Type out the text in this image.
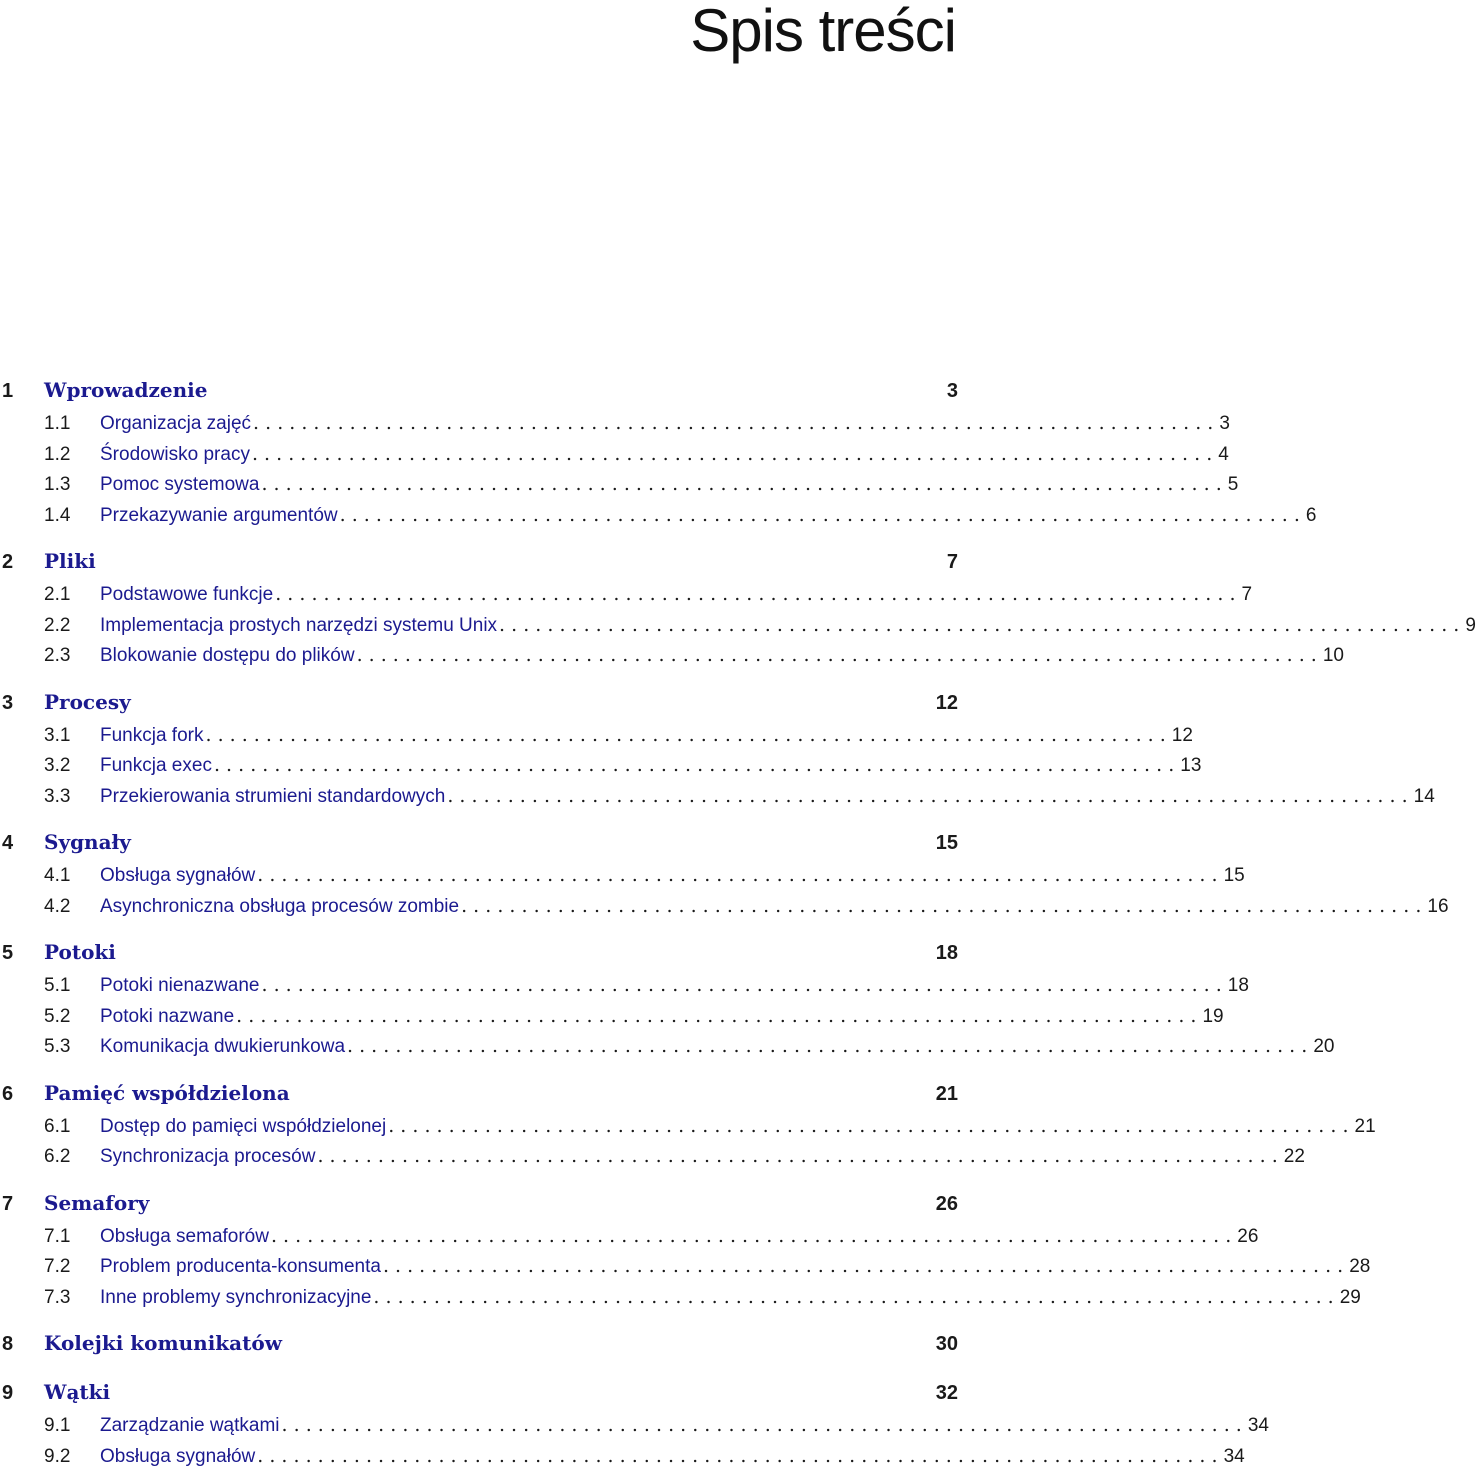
Spis treści
1	Wprowadzenie	3
1.1	Organizacja zajęć . . . . . . . . . . . . . . . . . . . . . . . . . . . . . . . . . . . . . . . . . . . . . . . . . . . . . . . . . . . . . . . . . . . . . . . . . . . . . . . . 3
1.2	Środowisko pracy . . . . . . . . . . . . . . . . . . . . . . . . . . . . . . . . . . . . . . . . . . . . . . . . . . . . . . . . . . . . . . . . . . . . . . . . . . . . . . . . 4
1.3	Pomoc systemowa . . . . . . . . . . . . . . . . . . . . . . . . . . . . . . . . . . . . . . . . . . . . . . . . . . . . . . . . . . . . . . . . . . . . . . . . . . . . . . . . 5
1.4	Przekazywanie argumentów . . . . . . . . . . . . . . . . . . . . . . . . . . . . . . . . . . . . . . . . . . . . . . . . . . . . . . . . . . . . . . . . . . . . . . . . . . . . . . . . 6
2	Pliki	7
2.1	Podstawowe funkcje . . . . . . . . . . . . . . . . . . . . . . . . . . . . . . . . . . . . . . . . . . . . . . . . . . . . . . . . . . . . . . . . . . . . . . . . . . . . . . . . 7
2.2	Implementacja prostych narzędzi systemu Unix . . . . . . . . . . . . . . . . . . . . . . . . . . . . . . . . . . . . . . . . . . . . . . . . . . . . . . . . . . . . . . . . . . . . . . . . . . . . . . . . 9
2.3	Blokowanie dostępu do plików . . . . . . . . . . . . . . . . . . . . . . . . . . . . . . . . . . . . . . . . . . . . . . . . . . . . . . . . . . . . . . . . . . . . . . . . . . . . . . . . 10
3	Procesy	12
3.1	Funkcja fork . . . . . . . . . . . . . . . . . . . . . . . . . . . . . . . . . . . . . . . . . . . . . . . . . . . . . . . . . . . . . . . . . . . . . . . . . . . . . . . . 12
3.2	Funkcja exec . . . . . . . . . . . . . . . . . . . . . . . . . . . . . . . . . . . . . . . . . . . . . . . . . . . . . . . . . . . . . . . . . . . . . . . . . . . . . . . . 13
3.3	Przekierowania strumieni standardowych . . . . . . . . . . . . . . . . . . . . . . . . . . . . . . . . . . . . . . . . . . . . . . . . . . . . . . . . . . . . . . . . . . . . . . . . . . . . . . . . 14
4	Sygnały	15
4.1	Obsługa sygnałów . . . . . . . . . . . . . . . . . . . . . . . . . . . . . . . . . . . . . . . . . . . . . . . . . . . . . . . . . . . . . . . . . . . . . . . . . . . . . . . . 15
4.2	Asynchroniczna obsługa procesów zombie . . . . . . . . . . . . . . . . . . . . . . . . . . . . . . . . . . . . . . . . . . . . . . . . . . . . . . . . . . . . . . . . . . . . . . . . . . . . . . . . 16
5	Potoki	18
5.1	Potoki nienazwane . . . . . . . . . . . . . . . . . . . . . . . . . . . . . . . . . . . . . . . . . . . . . . . . . . . . . . . . . . . . . . . . . . . . . . . . . . . . . . . . 18
5.2	Potoki nazwane . . . . . . . . . . . . . . . . . . . . . . . . . . . . . . . . . . . . . . . . . . . . . . . . . . . . . . . . . . . . . . . . . . . . . . . . . . . . . . . . 19
5.3	Komunikacja dwukierunkowa . . . . . . . . . . . . . . . . . . . . . . . . . . . . . . . . . . . . . . . . . . . . . . . . . . . . . . . . . . . . . . . . . . . . . . . . . . . . . . . . 20
6	Pamięć współdzielona	21
6.1	Dostęp do pamięci współdzielonej . . . . . . . . . . . . . . . . . . . . . . . . . . . . . . . . . . . . . . . . . . . . . . . . . . . . . . . . . . . . . . . . . . . . . . . . . . . . . . . . 21
6.2	Synchronizacja procesów . . . . . . . . . . . . . . . . . . . . . . . . . . . . . . . . . . . . . . . . . . . . . . . . . . . . . . . . . . . . . . . . . . . . . . . . . . . . . . . . 22
7	Semafory	26
7.1	Obsługa semaforów . . . . . . . . . . . . . . . . . . . . . . . . . . . . . . . . . . . . . . . . . . . . . . . . . . . . . . . . . . . . . . . . . . . . . . . . . . . . . . . . 26
7.2	Problem producenta-konsumenta . . . . . . . . . . . . . . . . . . . . . . . . . . . . . . . . . . . . . . . . . . . . . . . . . . . . . . . . . . . . . . . . . . . . . . . . . . . . . . . . 28
7.3	Inne problemy synchronizacyjne . . . . . . . . . . . . . . . . . . . . . . . . . . . . . . . . . . . . . . . . . . . . . . . . . . . . . . . . . . . . . . . . . . . . . . . . . . . . . . . . 29
8	Kolejki komunikatów	30
9	Wątki	32
9.1	Zarządzanie wątkami . . . . . . . . . . . . . . . . . . . . . . . . . . . . . . . . . . . . . . . . . . . . . . . . . . . . . . . . . . . . . . . . . . . . . . . . . . . . . . . . 34
9.2	Obsługa sygnałów . . . . . . . . . . . . . . . . . . . . . . . . . . . . . . . . . . . . . . . . . . . . . . . . . . . . . . . . . . . . . . . . . . . . . . . . . . . . . . . . 34
